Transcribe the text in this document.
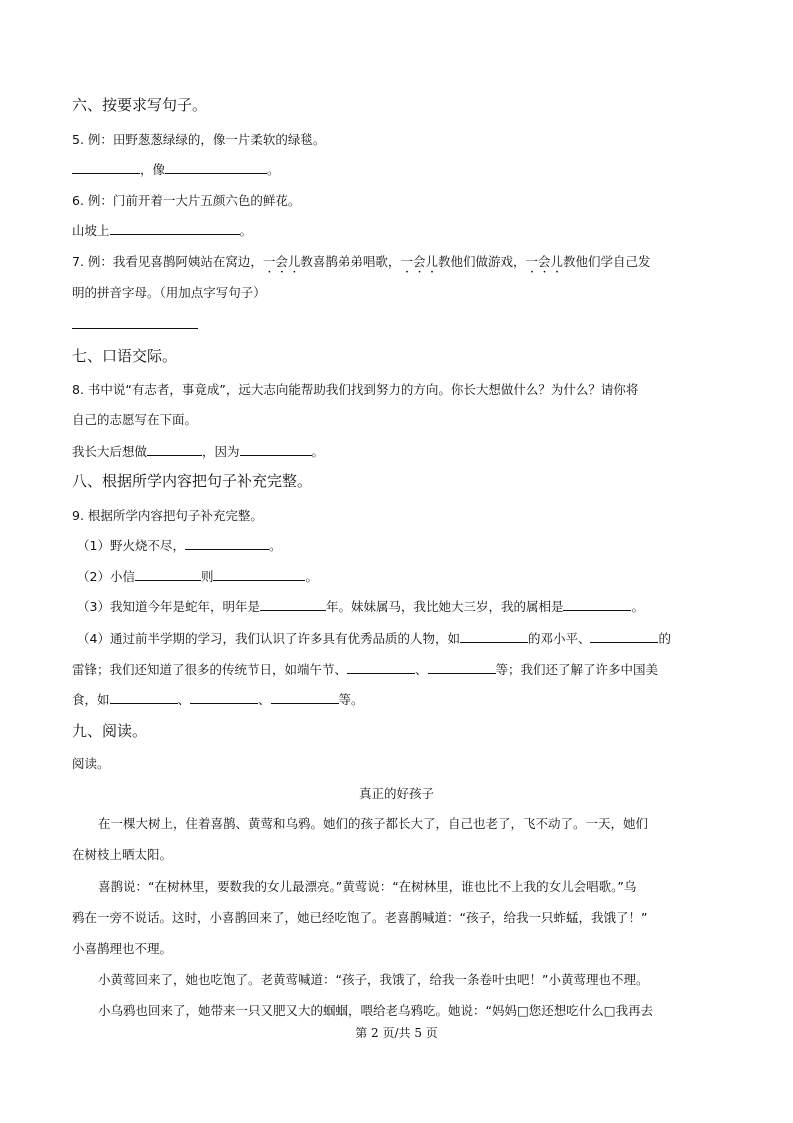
六、按要求写句子。
5. 例：田野葱葱绿绿的，像一片柔软的绿毯。
，像	。
6. 例：门前开着一大片五颜六色的鲜花。
山坡上	。
7. 例：我看见喜鹊阿姨站在窝边，一会儿教喜鹊弟弟唱歌，一会儿教他们做游戏，一会儿教他们学自己发
明的拼音字母。（用加点字写句子）
七、口语交际。
8. 书中说“有志者，事竟成”，远大志向能帮助我们找到努力的方向。你长大想做什么？为什么？请你将
自己的志愿写在下面。
我长大后想做	，因为	。
八、根据所学内容把句子补充完整。
9. 根据所学内容把句子补充完整。
（1）野火烧不尽，	。
（2）小信	则	。
（3）我知道今年是蛇年，明年是	年。妹妹属马，我比她大三岁，我的属相是	。
（4）通过前半学期的学习，我们认识了许多具有优秀品质的人物，如	的邓小平、	的
雷锋；我们还知道了很多的传统节日，如端午节、	、	等；我们还了解了许多中国美
食，如	、	、	等。
九、阅读。
阅读。
真正的好孩子
在一棵大树上，住着喜鹊、黄莺和乌鸦。她们的孩子都长大了，自己也老了，飞不动了。一天，她们
在树枝上晒太阳。
喜鹊说：“在树林里，要数我的女儿最漂亮。”黄莺说：“在树林里，谁也比不上我的女儿会唱歌。”乌
鸦在一旁不说话。这时，小喜鹊回来了，她已经吃饱了。老喜鹊喊道：“孩子，给我一只蚱蜢，我饿了！”
小喜鹊理也不理。
小黄莺回来了，她也吃饱了。老黄莺喊道：“孩子，我饿了，给我一条卷叶虫吧！”小黄莺理也不理。
小乌鸦也回来了，她带来一只又肥又大的蝈蝈，喂给老乌鸦吃。她说：“妈妈□您还想吃什么□我再去
第 2 页/共 5 页
